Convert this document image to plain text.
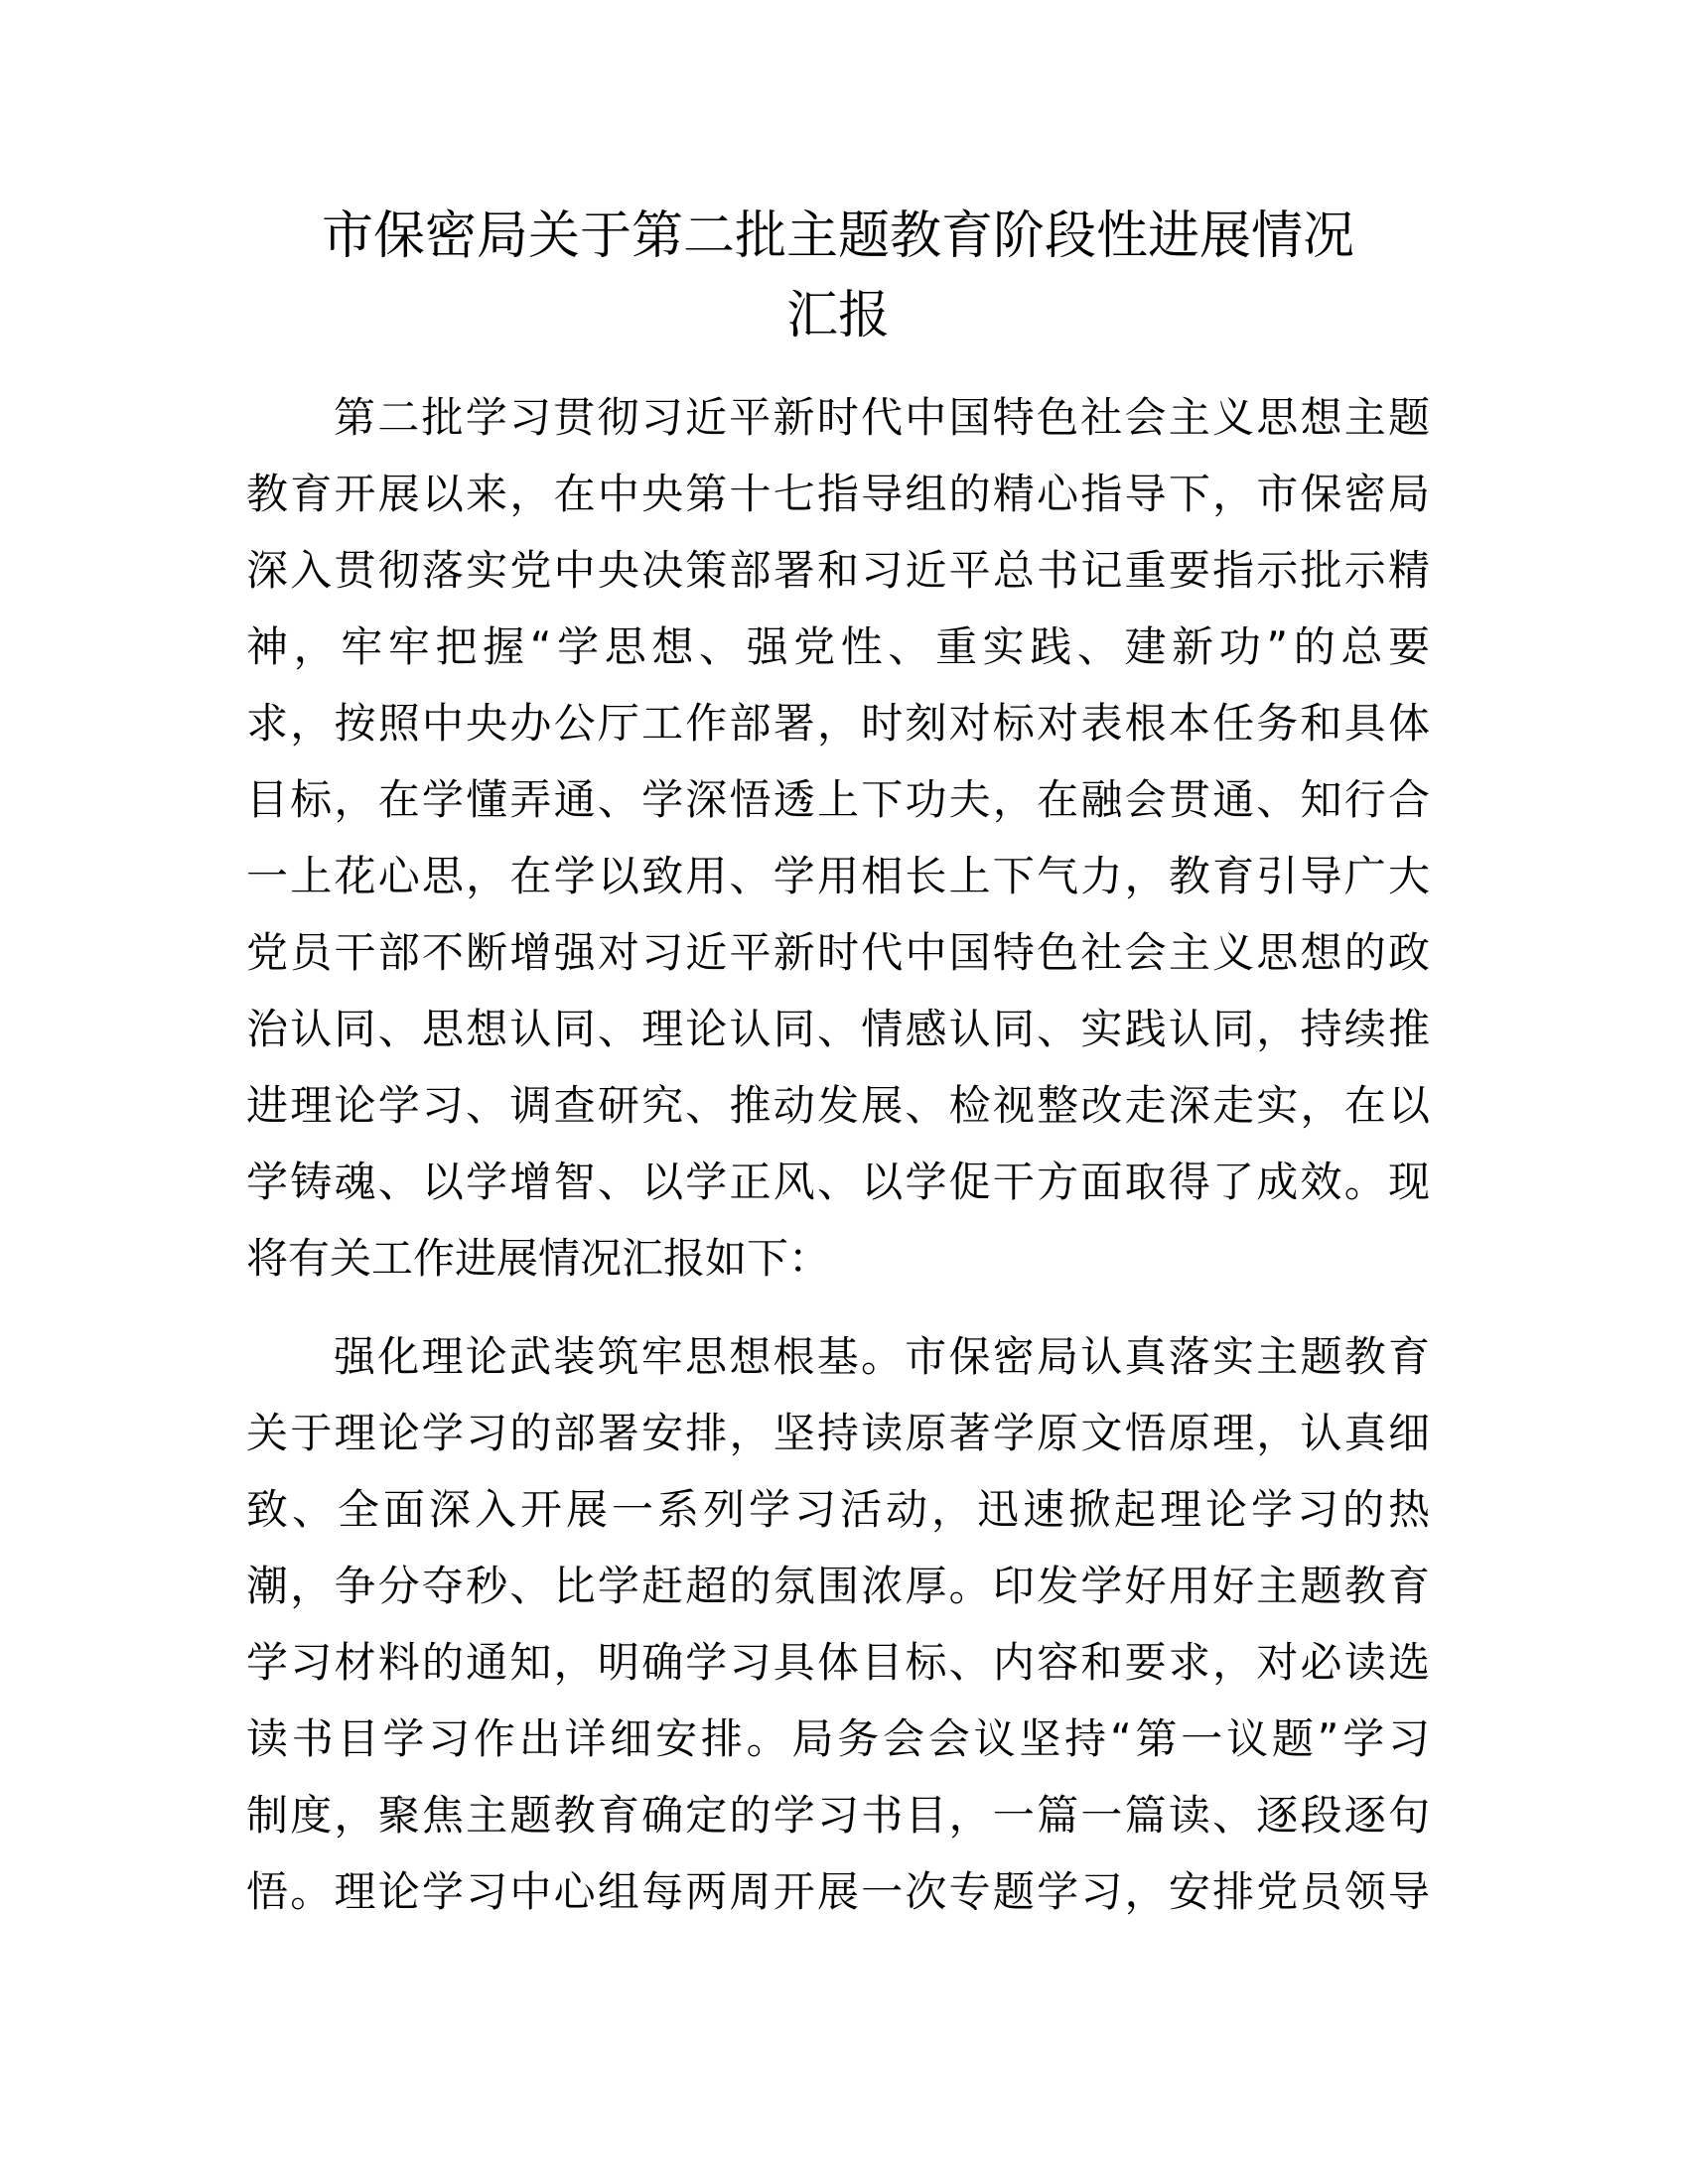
市保密局关于第二批主题教育阶段性进展情况
汇报
第二批学习贯彻习近平新时代中国特色社会主义思想主题
教育开展以来，在中央第十七指导组的精心指导下，市保密局
深入贯彻落实党中央决策部署和习近平总书记重要指示批示精
神，牢牢把握“学思想、强党性、重实践、建新功”的总要
求，按照中央办公厅工作部署，时刻对标对表根本任务和具体
目标，在学懂弄通、学深悟透上下功夫，在融会贯通、知行合
一上花心思，在学以致用、学用相长上下气力，教育引导广大
党员干部不断增强对习近平新时代中国特色社会主义思想的政
治认同、思想认同、理论认同、情感认同、实践认同，持续推
进理论学习、调查研究、推动发展、检视整改走深走实，在以
学铸魂、以学增智、以学正风、以学促干方面取得了成效。现
将有关工作进展情况汇报如下：
强化理论武装筑牢思想根基。市保密局认真落实主题教育
关于理论学习的部署安排，坚持读原著学原文悟原理，认真细
致、全面深入开展一系列学习活动，迅速掀起理论学习的热
潮，争分夺秒、比学赶超的氛围浓厚。印发学好用好主题教育
学习材料的通知，明确学习具体目标、内容和要求，对必读选
读书目学习作出详细安排。局务会会议坚持“第一议题”学习
制度，聚焦主题教育确定的学习书目，一篇一篇读、逐段逐句
悟。理论学习中心组每两周开展一次专题学习，安排党员领导
